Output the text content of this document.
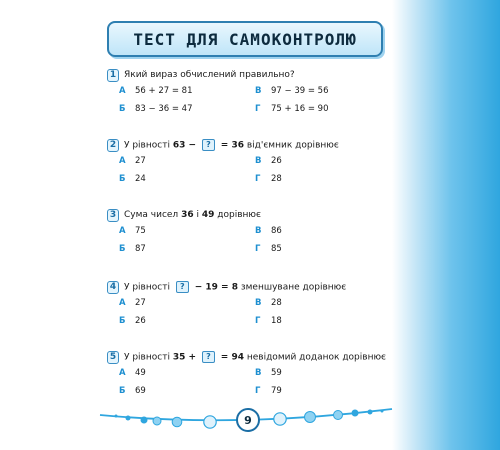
ТЕСТ ДЛЯ САМОКОНТРОЛЮ
1 Який вираз обчислений правильно?
А	56 + 27 = 81	В	97 − 39 = 56
Б	83 − 36 = 47	Г	75 + 16 = 90
2 У рівності 63 − ? = 36 від'ємник дорівнює
А	27	В	26
Б	24	Г	28
3 Сума чисел 36 і 49 дорівнює
А	75	В	86
Б	87	Г	85
4 У рівності ? − 19 = 8 зменшуване дорівнює
А	27	В	28
Б	26	Г	18
5 У рівності 35 + ? = 94 невідомий доданок дорівнює
А	49	В	59
Б	69	Г	79
9
